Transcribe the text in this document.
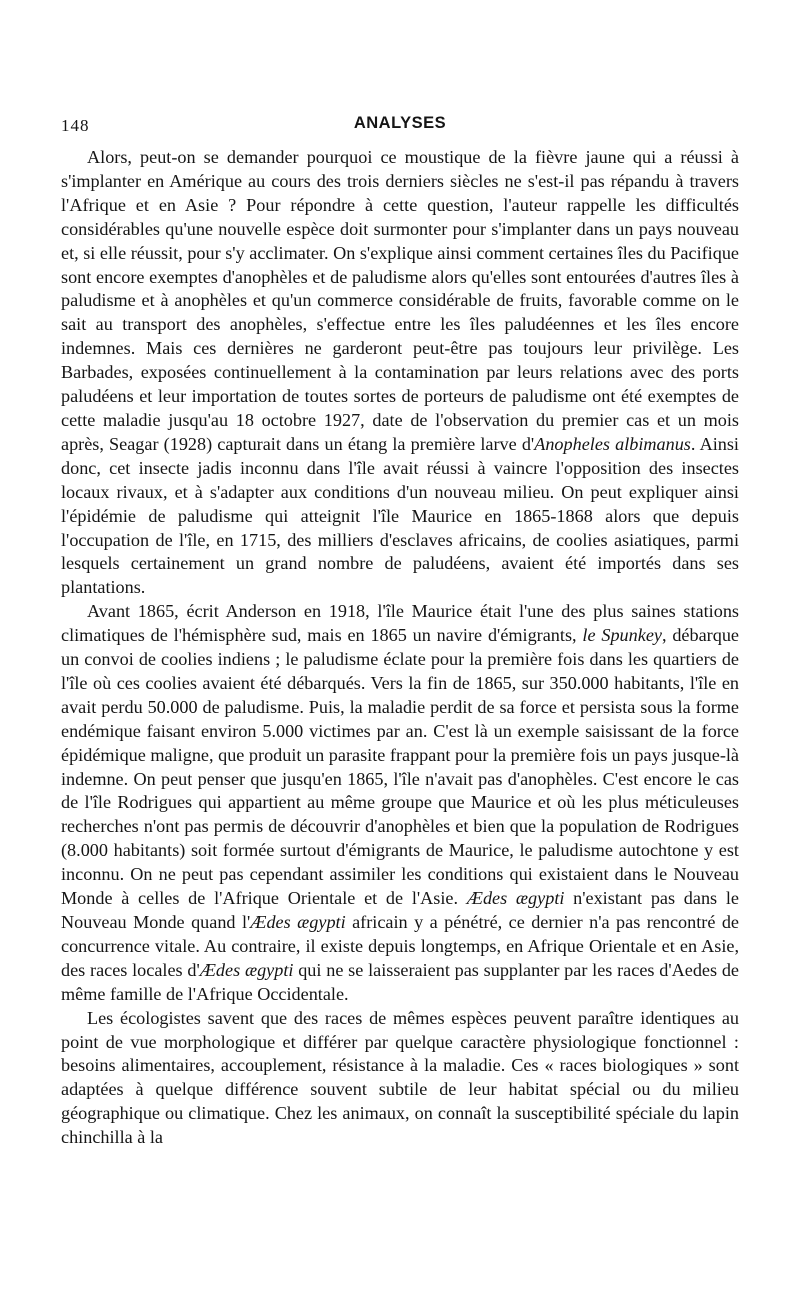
148	ANALYSES

Alors, peut-on se demander pourquoi ce moustique de la fièvre jaune qui a réussi à s'implanter en Amérique au cours des trois derniers siècles ne s'est-il pas répandu à travers l'Afrique et en Asie ? Pour répondre à cette question, l'auteur rappelle les difficultés considérables qu'une nouvelle espèce doit surmonter pour s'implanter dans un pays nouveau et, si elle réussit, pour s'y acclimater. On s'explique ainsi comment certaines îles du Pacifique sont encore exemptes d'anophèles et de paludisme alors qu'elles sont entourées d'autres îles à paludisme et à anophèles et qu'un commerce considérable de fruits, favorable comme on le sait au transport des anophèles, s'effectue entre les îles paludéennes et les îles encore indemnes. Mais ces dernières ne garderont peut-être pas toujours leur privilège. Les Barbades, exposées continuellement à la contamination par leurs relations avec des ports paludéens et leur importation de toutes sortes de porteurs de paludisme ont été exemptes de cette maladie jusqu'au 18 octobre 1927, date de l'observation du premier cas et un mois après, Seagar (1928) capturait dans un étang la première larve d'Anopheles albimanus. Ainsi donc, cet insecte jadis inconnu dans l'île avait réussi à vaincre l'opposition des insectes locaux rivaux, et à s'adapter aux conditions d'un nouveau milieu. On peut expliquer ainsi l'épidémie de paludisme qui atteignit l'île Maurice en 1865-1868 alors que depuis l'occupation de l'île, en 1715, des milliers d'esclaves africains, de coolies asiatiques, parmi lesquels certainement un grand nombre de paludéens, avaient été importés dans ses plantations.

Avant 1865, écrit Anderson en 1918, l'île Maurice était l'une des plus saines stations climatiques de l'hémisphère sud, mais en 1865 un navire d'émigrants, le Spunkey, débarque un convoi de coolies indiens ; le paludisme éclate pour la première fois dans les quartiers de l'île où ces coolies avaient été débarqués. Vers la fin de 1865, sur 350.000 habitants, l'île en avait perdu 50.000 de paludisme. Puis, la maladie perdit de sa force et persista sous la forme endémique faisant environ 5.000 victimes par an. C'est là un exemple saisissant de la force épidémique maligne, que produit un parasite frappant pour la première fois un pays jusque-là indemne. On peut penser que jusqu'en 1865, l'île n'avait pas d'anophèles. C'est encore le cas de l'île Rodrigues qui appartient au même groupe que Maurice et où les plus méticuleuses recherches n'ont pas permis de découvrir d'anophèles et bien que la population de Rodrigues (8.000 habitants) soit formée surtout d'émigrants de Maurice, le paludisme autochtone y est inconnu. On ne peut pas cependant assimiler les conditions qui existaient dans le Nouveau Monde à celles de l'Afrique Orientale et de l'Asie. Ædes ægypti n'existant pas dans le Nouveau Monde quand l'Ædes ægypti africain y a pénétré, ce dernier n'a pas rencontré de concurrence vitale. Au contraire, il existe depuis longtemps, en Afrique Orientale et en Asie, des races locales d'Ædes ægypti qui ne se laisseraient pas supplanter par les races d'Aedes de même famille de l'Afrique Occidentale.

Les écologistes savent que des races de mêmes espèces peuvent paraître identiques au point de vue morphologique et différer par quelque caractère physiologique fonctionnel : besoins alimentaires, accouplement, résistance à la maladie. Ces « races biologiques » sont adaptées à quelque différence souvent subtile de leur habitat spécial ou du milieu géographique ou climatique. Chez les animaux, on connaît la susceptibilité spéciale du lapin chinchilla à la
